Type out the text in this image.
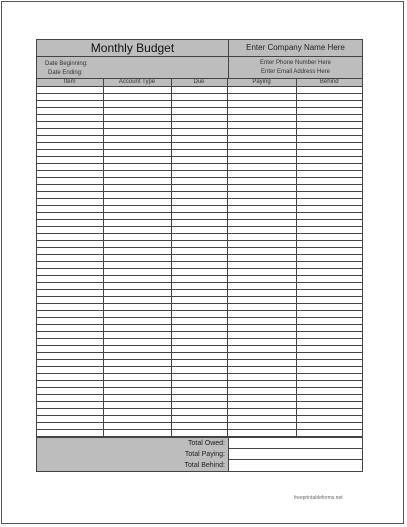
Monthly Budget
Date Beginning:
Date Ending:
Enter Company Name Here
Enter Phone Number Here
Enter Email Address Here
Item	Account Type	Due	Paying	Behind

Total Owed:
Total Paying:
Total Behind:
freeprintableforms.net
